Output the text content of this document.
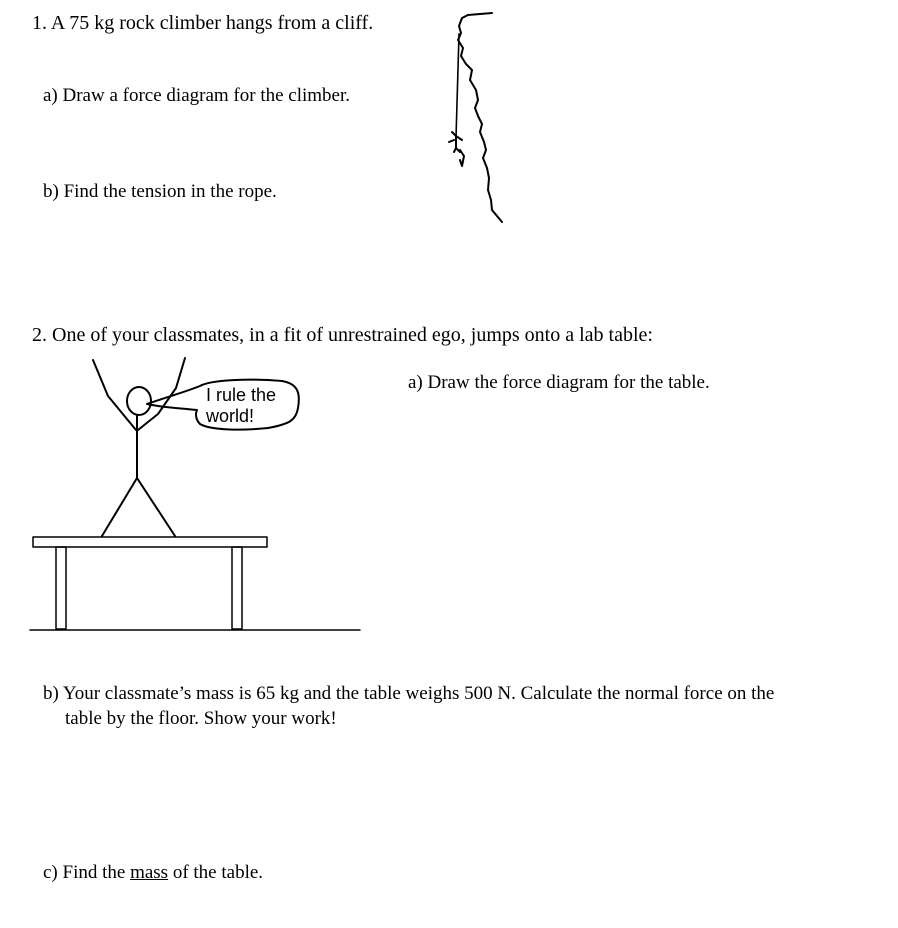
1. A 75 kg rock climber hangs from a cliff.
a) Draw a force diagram for the climber.
b) Find the tension in the rope.
2. One of your classmates, in a fit of unrestrained ego, jumps onto a lab table:
a) Draw the force diagram for the table.
I rule the
world!
b) Your classmate’s mass is 65 kg and the table weighs 500 N. Calculate the normal force on the
table by the floor. Show your work!
c) Find the mass of the table.
